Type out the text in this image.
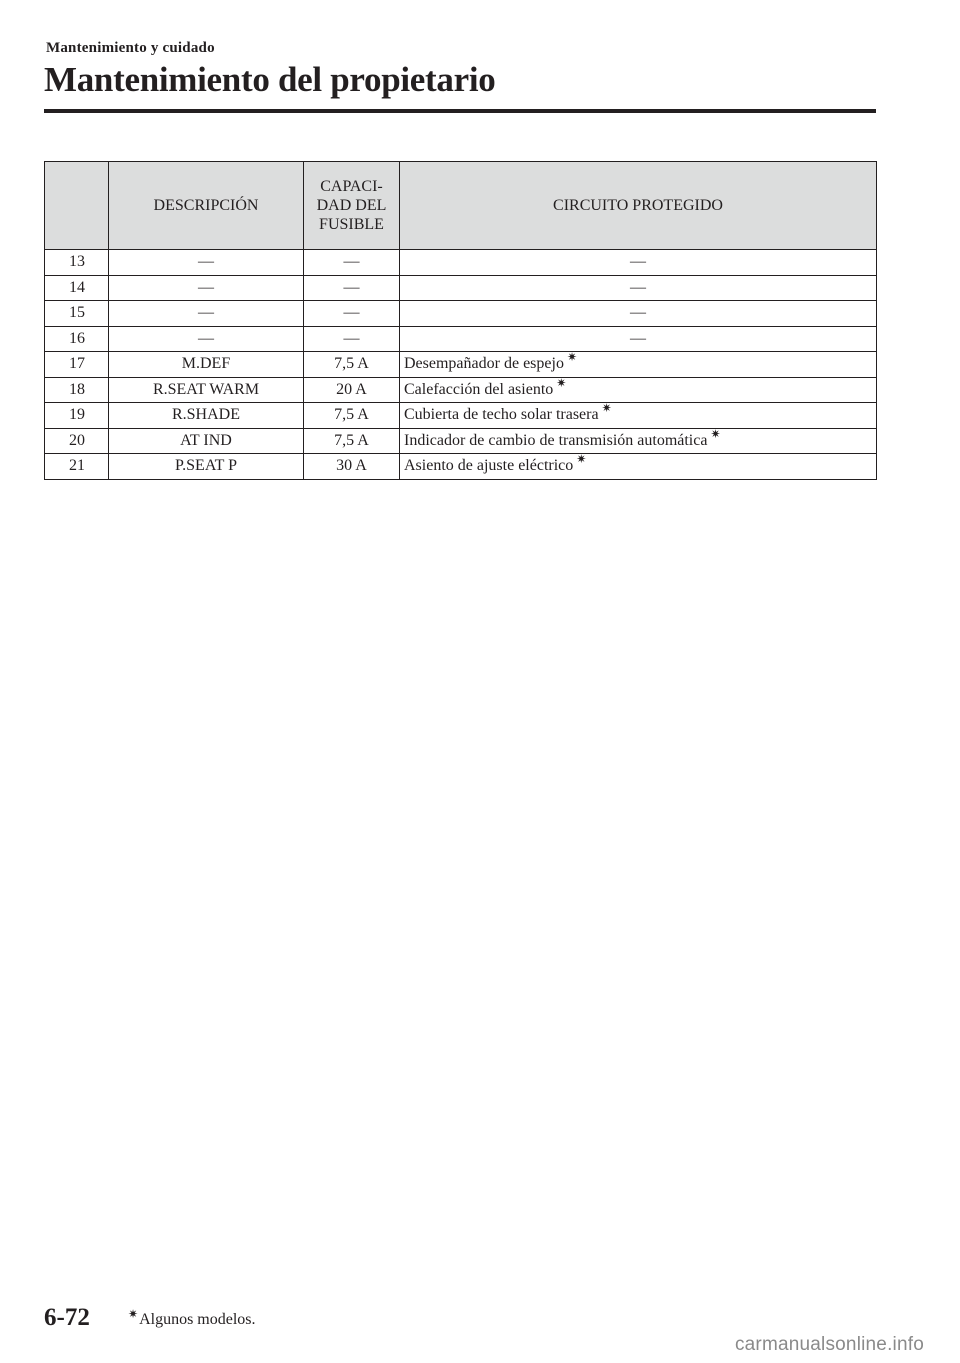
Mantenimiento y cuidado
Mantenimiento del propietario
	DESCRIPCIÓN	CAPACI-
DAD DEL
FUSIBLE	CIRCUITO PROTEGIDO
13	—	—	—
14	—	—	—
15	—	—	—
16	—	—	—
17	M.DEF	7,5 A	Desempañador de espejo ✷
18	R.SEAT WARM	20 A	Calefacción del asiento ✷
19	R.SHADE	7,5 A	Cubierta de techo solar trasera ✷
20	AT IND	7,5 A	Indicador de cambio de transmisión automática ✷
21	P.SEAT P	30 A	Asiento de ajuste eléctrico ✷
6-72	✷Algunos modelos.
carmanualsonline.info
